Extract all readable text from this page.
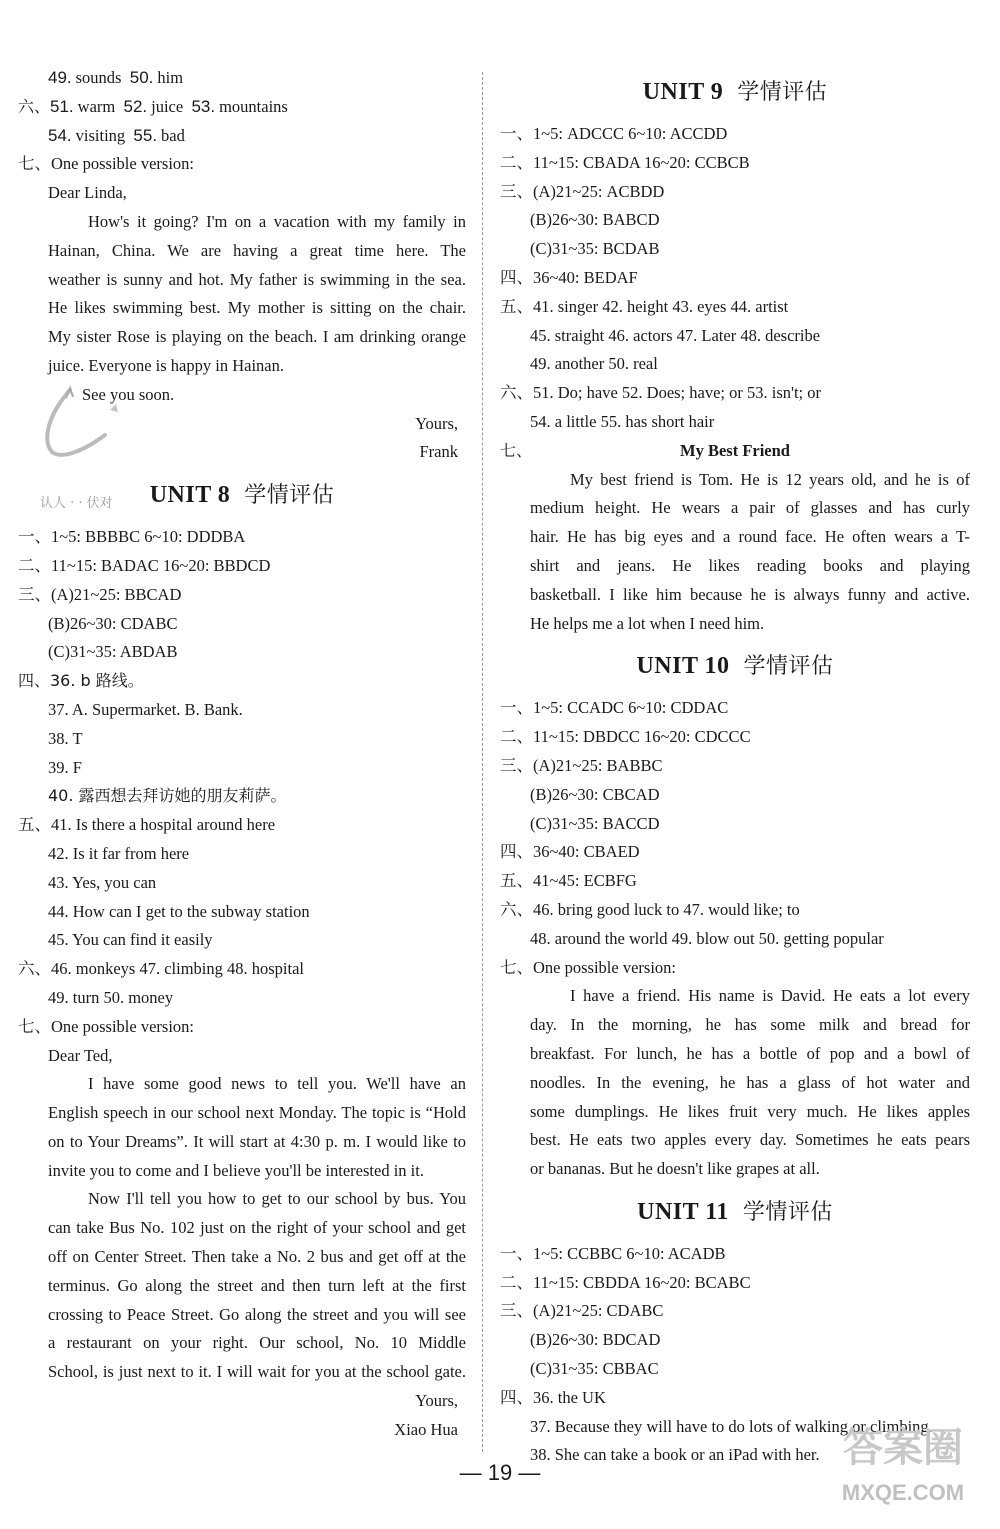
49. sounds 50. him
六、51. warm 52. juice 53. mountains
54. visiting 55. bad
七、One possible version:
Dear Linda,
How's it going? I'm on a vacation with my family in
Hainan, China. We are having a great time here. The
weather is sunny and hot. My father is swimming in the sea.
He likes swimming best. My mother is sitting on the chair.
My sister Rose is playing on the beach. I am drinking orange
juice. Everyone is happy in Hainan.
See you soon.
Yours,
Frank
UNIT 8 学情评估
一、1~5: BBBBC 6~10: DDDBA
二、11~15: BADAC 16~20: BBDCD
三、(A)21~25: BBCAD
(B)26~30: CDABC
(C)31~35: ABDAB
四、36. b 路线。
37. A. Supermarket. B. Bank.
38. T
39. F
40. 露西想去拜访她的朋友莉萨。
五、41. Is there a hospital around here
42. Is it far from here
43. Yes, you can
44. How can I get to the subway station
45. You can find it easily
六、46. monkeys 47. climbing 48. hospital
49. turn 50. money
七、One possible version:
Dear Ted,
I have some good news to tell you. We'll have an
English speech in our school next Monday. The topic is “Hold
on to Your Dreams”. It will start at 4:30 p. m. I would like to
invite you to come and I believe you'll be interested in it.
Now I'll tell you how to get to our school by bus. You
can take Bus No. 102 just on the right of your school and get
off on Center Street. Then take a No. 2 bus and get off at the
terminus. Go along the street and then turn left at the first
crossing to Peace Street. Go along the street and you will see
a restaurant on your right. Our school, No. 10 Middle
School, is just next to it. I will wait for you at the school gate.
Yours,
Xiao Hua
认人 · · 伏对
UNIT 9 学情评估
一、1~5: ADCCC 6~10: ACCDD
二、11~15: CBADA 16~20: CCBCB
三、(A)21~25: ACBDD
(B)26~30: BABCD
(C)31~35: BCDAB
四、36~40: BEDAF
五、41. singer 42. height 43. eyes 44. artist
45. straight 46. actors 47. Later 48. describe
49. another 50. real
六、51. Do; have 52. Does; have; or 53. isn't; or
54. a little 55. has short hair
七、	My Best Friend
My best friend is Tom. He is 12 years old, and he is of
medium height. He wears a pair of glasses and has curly
hair. He has big eyes and a round face. He often wears a T-
shirt and jeans. He likes reading books and playing
basketball. I like him because he is always funny and active.
He helps me a lot when I need him.
UNIT 10 学情评估
一、1~5: CCADC 6~10: CDDAC
二、11~15: DBDCC 16~20: CDCCC
三、(A)21~25: BABBC
(B)26~30: CBCAD
(C)31~35: BACCD
四、36~40: CBAED
五、41~45: ECBFG
六、46. bring good luck to 47. would like; to
48. around the world 49. blow out 50. getting popular
七、One possible version:
I have a friend. His name is David. He eats a lot every
day. In the morning, he has some milk and bread for
breakfast. For lunch, he has a bottle of pop and a bowl of
noodles. In the evening, he has a glass of hot water and
some dumplings. He likes fruit very much. He likes apples
best. He eats two apples every day. Sometimes he eats pears
or bananas. But he doesn't like grapes at all.
UNIT 11 学情评估
一、1~5: CCBBC 6~10: ACADB
二、11~15: CBDDA 16~20: BCABC
三、(A)21~25: CDABC
(B)26~30: BDCAD
(C)31~35: CBBAC
四、36. the UK
37. Because they will have to do lots of walking or climbing.
38. She can take a book or an iPad with her.
— 19 —
答案圈
MXQE.COM
